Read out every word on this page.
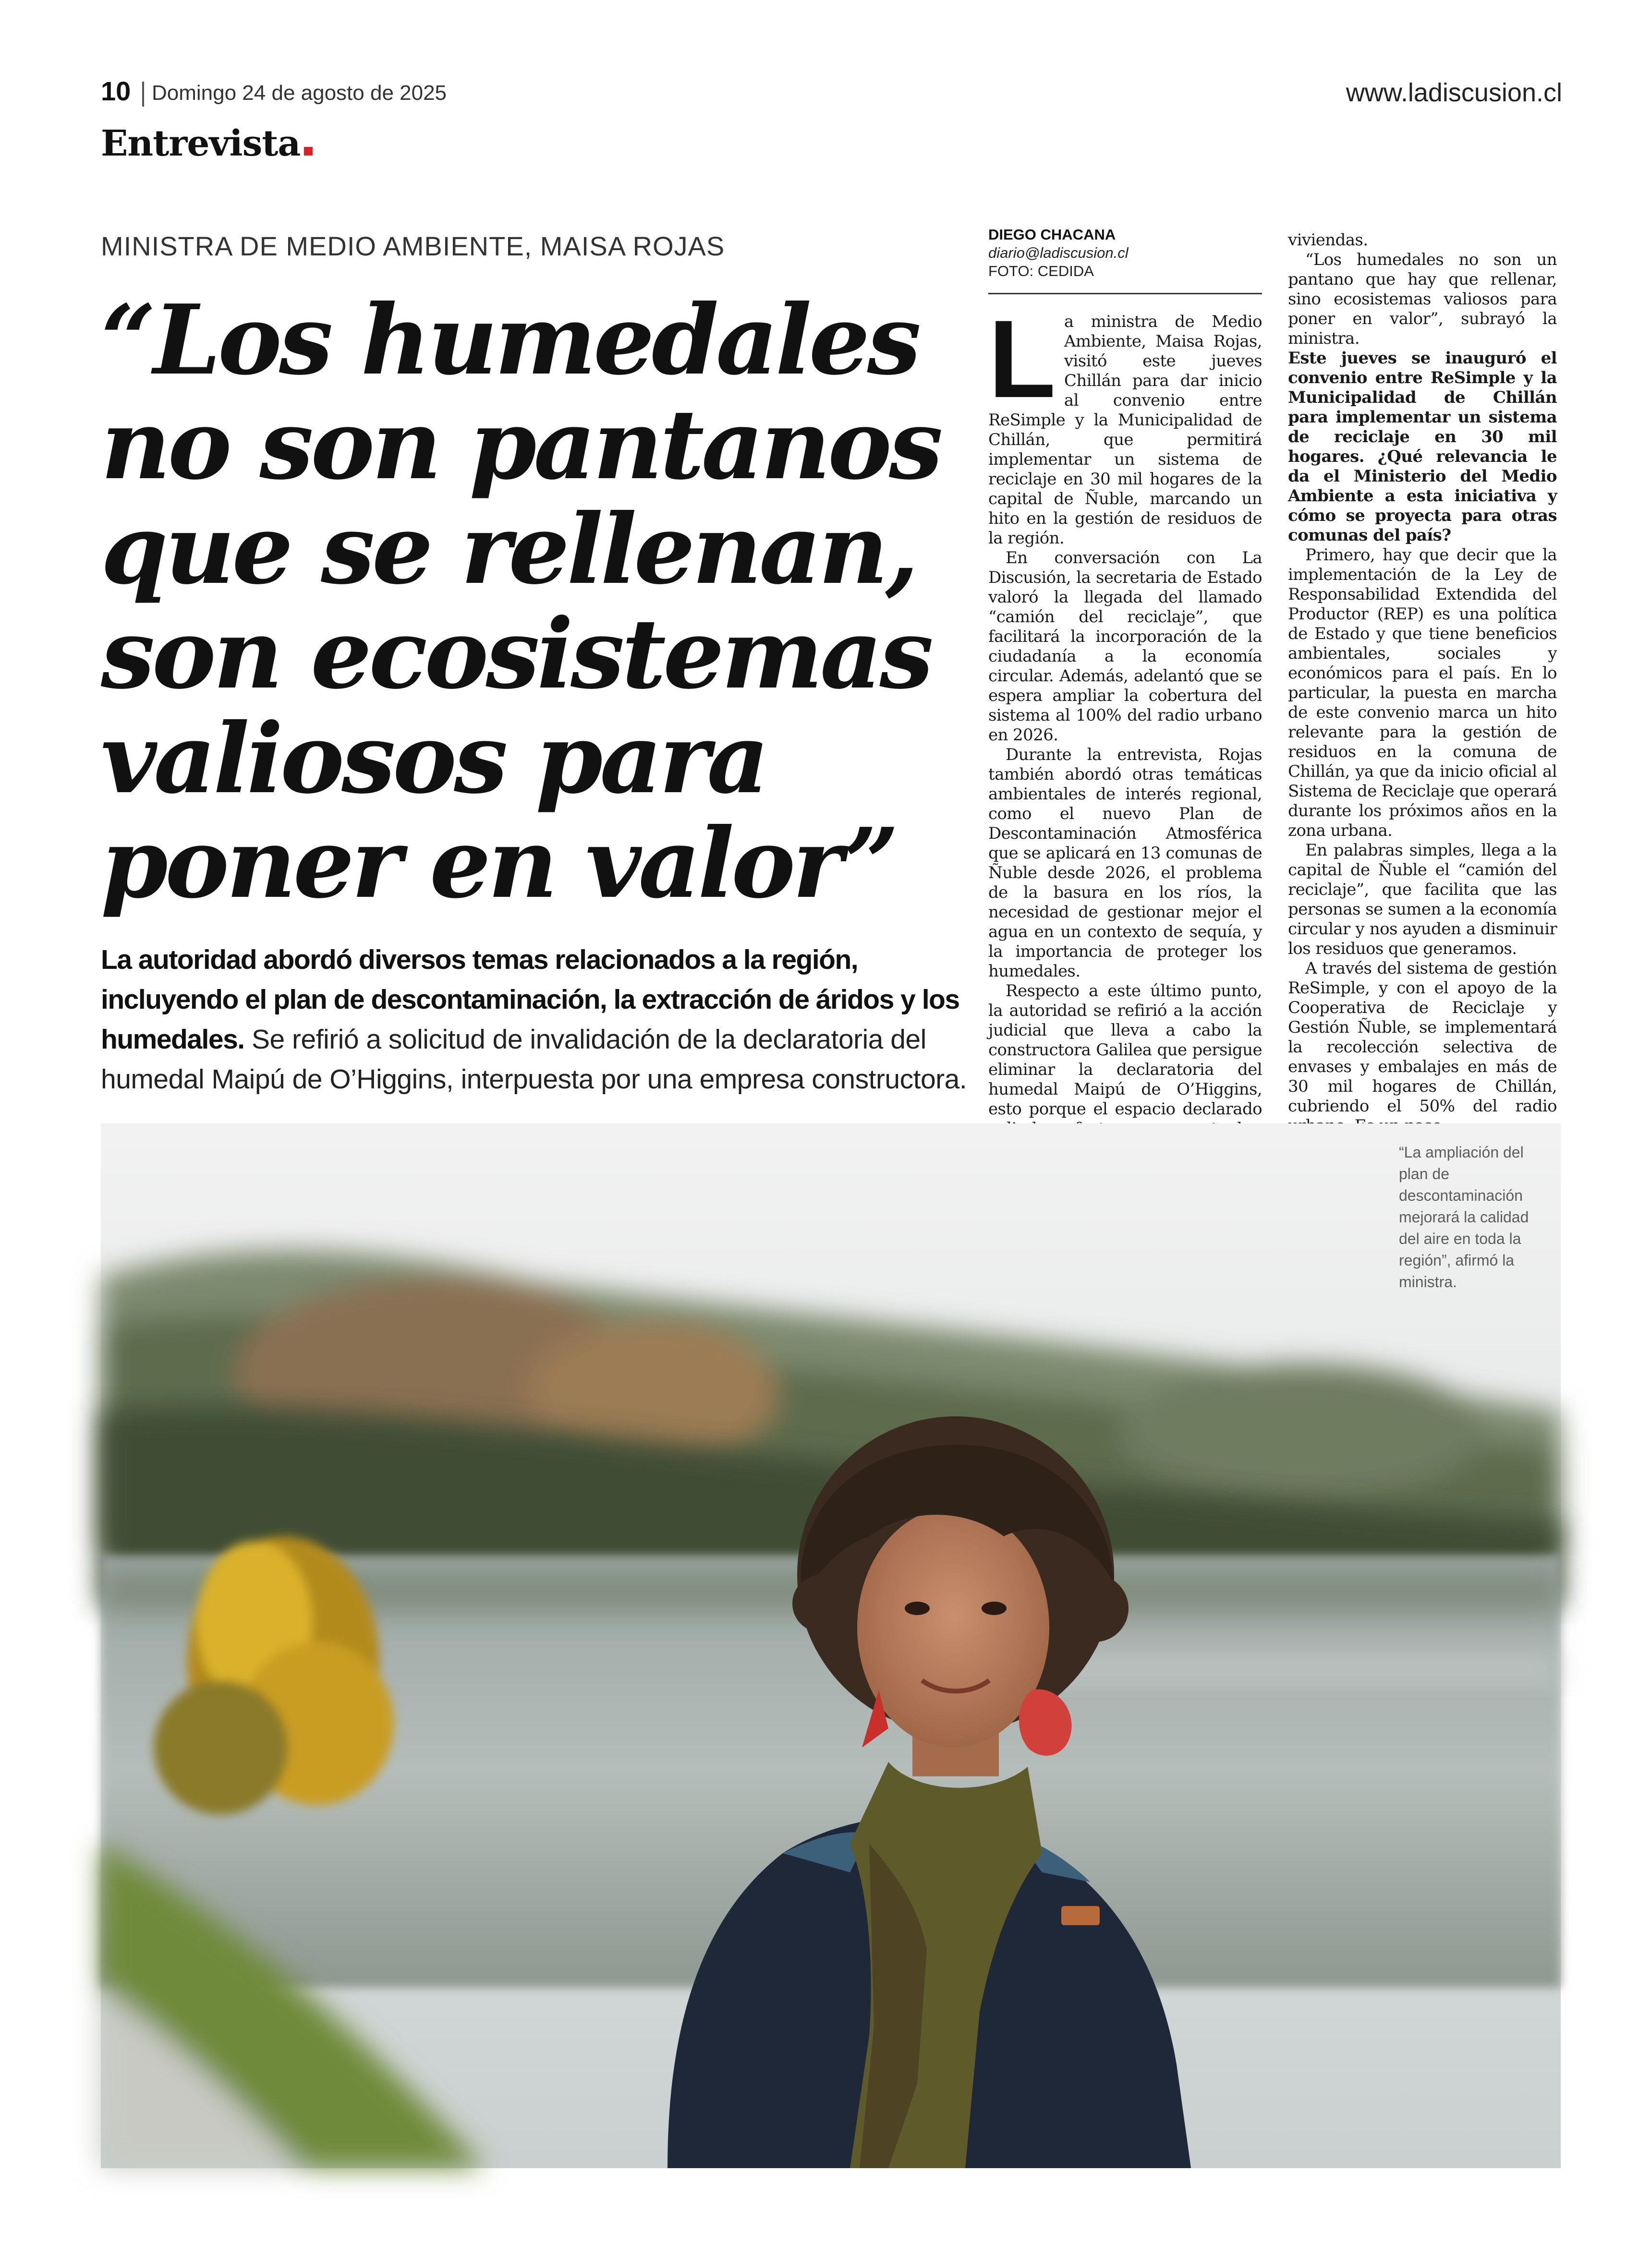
10 Domingo 24 de agosto de 2025	www.ladiscusion.cl
Entrevista
MINISTRA DE MEDIO AMBIENTE, MAISA ROJAS
“Los humedales no son pantanos que se rellenan, son ecosistemas valiosos para poner en valor”
La autoridad abordó diversos temas relacionados a la región, incluyendo el plan de descontaminación, la extracción de áridos y los humedales. Se refirió a solicitud de invalidación de la declaratoria del humedal Maipú de O’Higgins, interpuesta por una empresa constructora.
DIEGO CHACANA
diario@ladiscusion.cl
FOTO: CEDIDA
L a ministra de Medio Ambiente, Maisa Rojas, visitó este jueves Chillán para dar inicio al convenio entre ReSimple y la Municipalidad de Chillán, que permitirá implementar un sistema de reciclaje en 30 mil hogares de la capital de Ñuble, marcando un hito en la gestión de residuos de la región.

En conversación con La Discusión, la secretaria de Estado valoró la llegada del llamado “camión del reciclaje”, que facilitará la incorporación de la ciudadanía a la economía circular. Además, adelantó que se espera ampliar la cobertura del sistema al 100% del radio urbano en 2026.

Durante la entrevista, Rojas también abordó otras temáticas ambientales de interés regional, como el nuevo Plan de Descontaminación Atmosférica que se aplicará en 13 comunas de Ñuble desde 2026, el problema de la basura en los ríos, la necesidad de gestionar mejor el agua en un contexto de sequía, y la importancia de proteger los humedales.

Respecto a este último punto, la autoridad se refirió a la acción judicial que lleva a cabo la constructora Galilea que persigue eliminar la declaratoria del humedal Maipú de O’Higgins, esto porque el espacio declarado

viviendas.

“Los humedales no son un pantano que hay que rellenar, sino ecosistemas valiosos para poner en valor”, subrayó la ministra.

Este jueves se inauguró el convenio entre ReSimple y la Municipalidad de Chillán para implementar un sistema de reciclaje en 30 mil hogares. ¿Qué relevancia le da el Ministerio del Medio Ambiente a esta iniciativa y cómo se proyecta para otras comunas del país?

Primero, hay que decir que la implementación de la Ley de Responsabilidad Extendida del Productor (REP) es una política de Estado y que tiene beneficios ambientales, sociales y económicos para el país. En lo particular, la puesta en marcha de este convenio marca un hito relevante para la gestión de residuos en la comuna de Chillán, ya que da inicio oficial al Sistema de Reciclaje que operará durante los próximos años en la zona urbana.

En palabras simples, llega a la capital de Ñuble el “camión del reciclaje”, que facilita que las personas se sumen a la economía circular y nos ayuden a disminuir los residuos que generamos.

A través del sistema de gestión ReSimple, y con el apoyo de la Cooperativa de Reciclaje y Gestión Ñuble, se implementará la recolección selectiva de envases y embalajes en más de 30 mil hogares de Chillán, cubriendo el 50% del radio

“La ampliación del plan de descontaminación mejorará la calidad del aire en toda la región”, afirmó la ministra.
